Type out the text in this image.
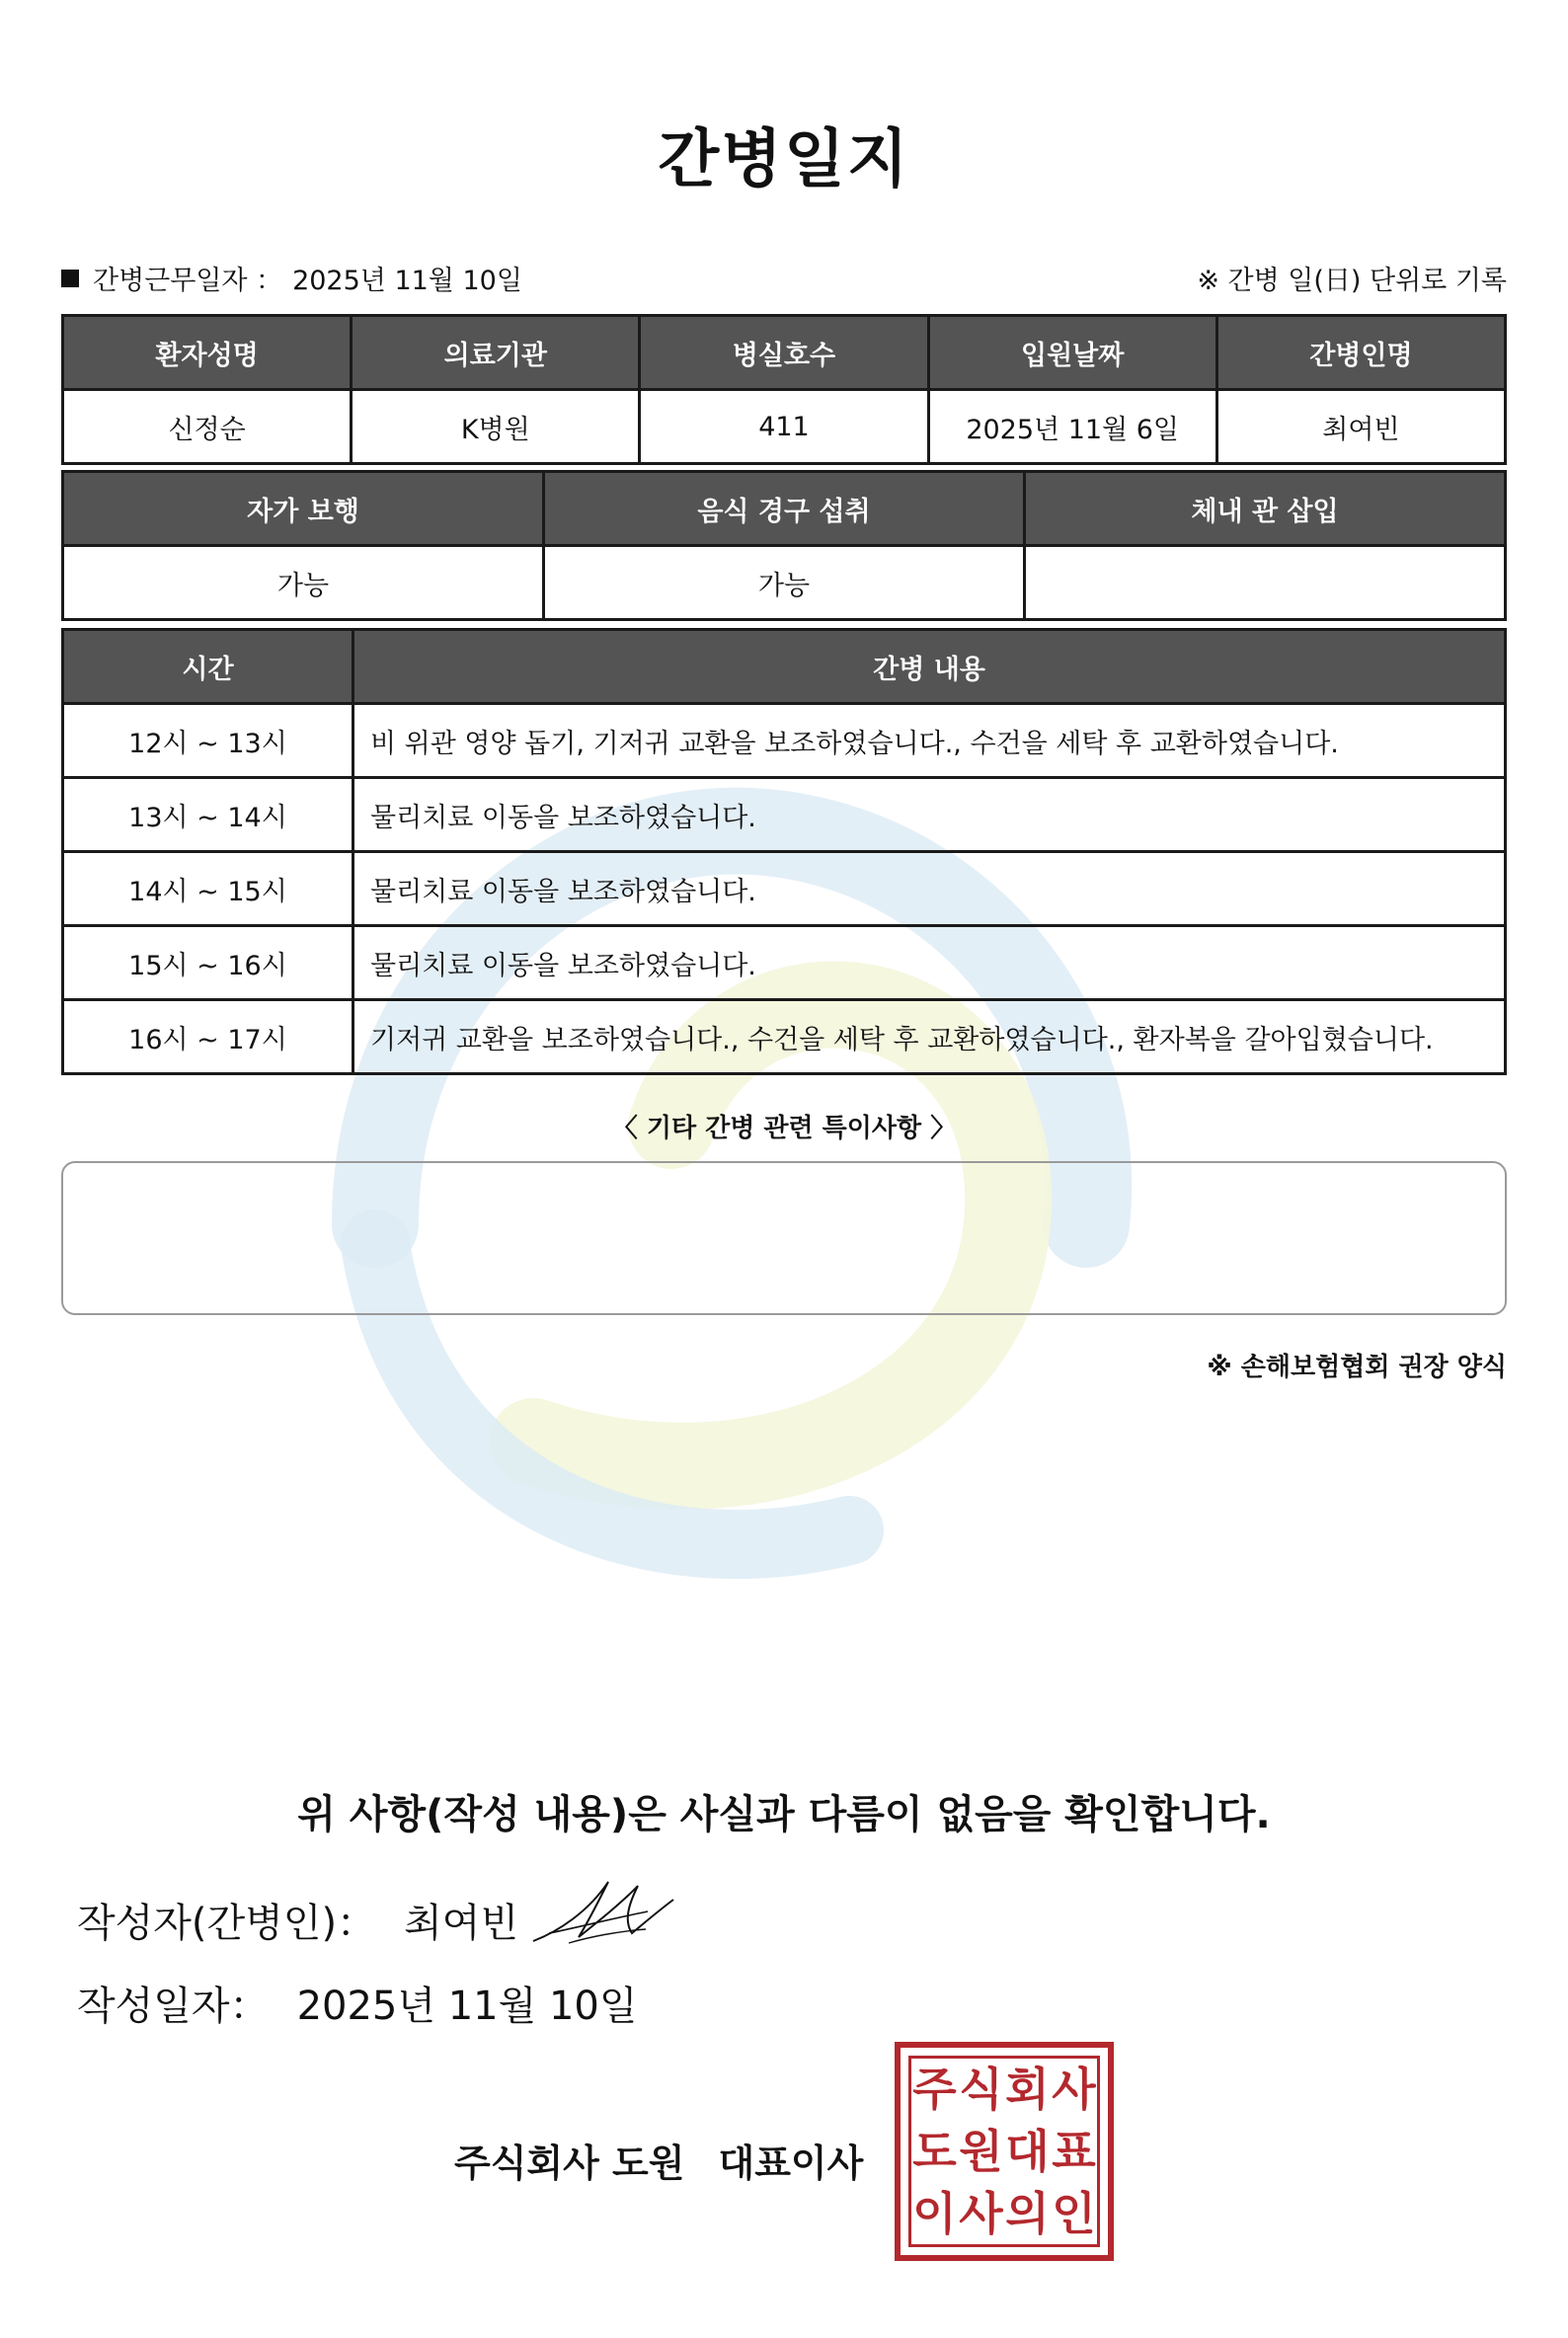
간병일지
간병근무일자 ： 2025년 11월 10일	※ 간병 일(日) 단위로 기록
환자성명	의료기관	병실호수	입원날짜	간병인명
신정순	K병원	411	2025년 11월 6일	최여빈
자가 보행	음식 경구 섭취	체내 관 삽입
가능	가능	
시간	간병 내용
12시 ~ 13시	비 위관 영양 돕기, 기저귀 교환을 보조하였습니다., 수건을 세탁 후 교환하였습니다.
13시 ~ 14시	물리치료 이동을 보조하였습니다.
14시 ~ 15시	물리치료 이동을 보조하였습니다.
15시 ~ 16시	물리치료 이동을 보조하였습니다.
16시 ~ 17시	기저귀 교환을 보조하였습니다., 수건을 세탁 후 교환하였습니다., 환자복을 갈아입혔습니다.
〈 기타 간병 관련 특이사항 〉
※ 손해보험협회 권장 양식
위 사항(작성 내용)은 사실과 다름이 없음을 확인합니다.
작성자(간병인)： 최여빈
작성일자： 2025년 11월 10일
주식회사 도원 대표이사
주 식 회 사
도 원 대 표
이 사 의 인
